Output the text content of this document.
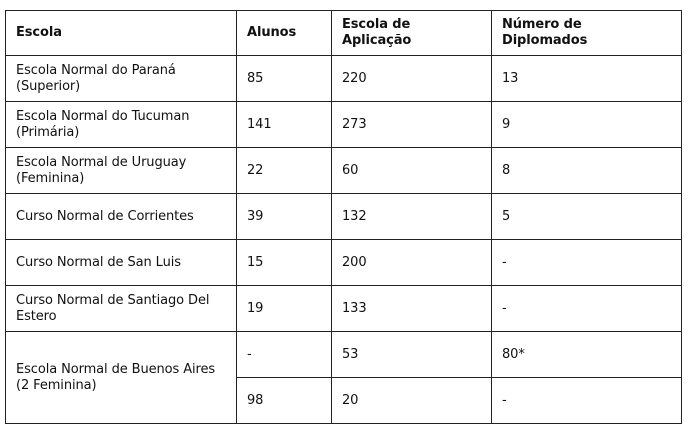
Escola	Alunos	Escola de Aplicação	Número de Diplomados
Escola Normal do Paraná (Superior)	85	220	13
Escola Normal do Tucuman (Primária)	141	273	9
Escola Normal de Uruguay (Feminina)	22	60	8
Curso Normal de Corrientes	39	132	5
Curso Normal de San Luis	15	200	-
Curso Normal de Santiago Del Estero	19	133	-
Escola Normal de Buenos Aires (2 Feminina)	-	53	80*
	98	20	-
